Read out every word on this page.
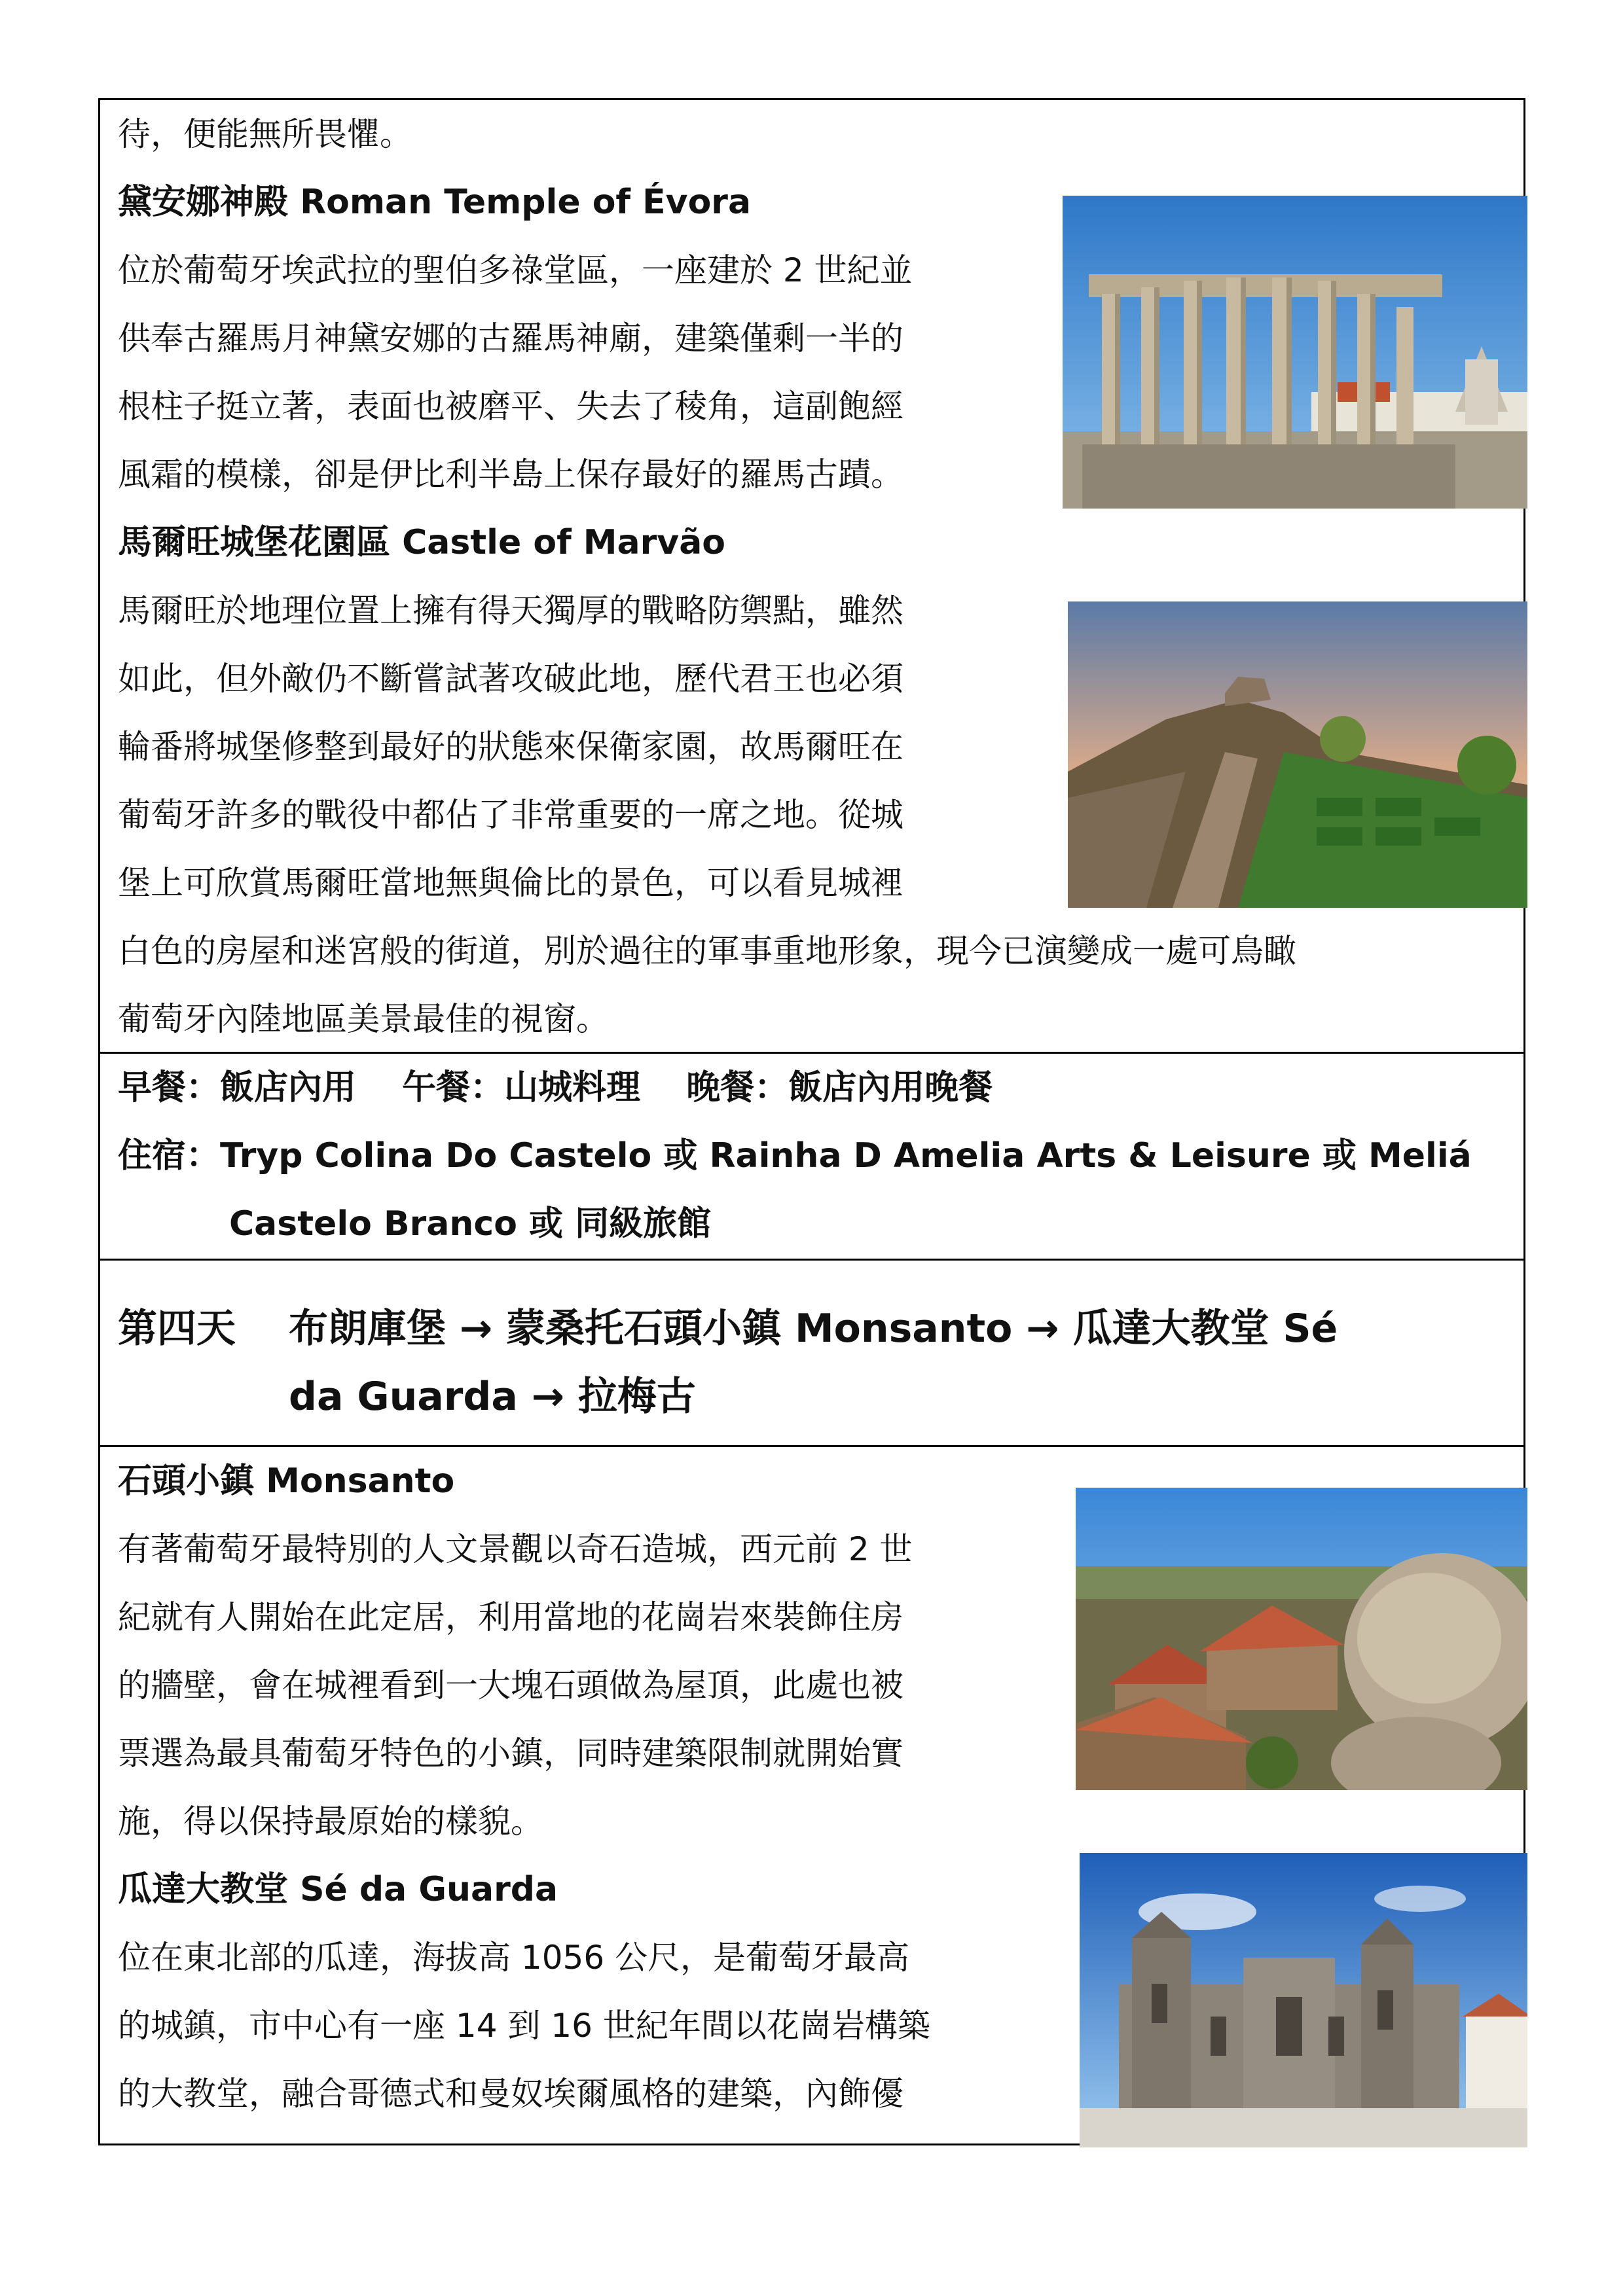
待，便能無所畏懼。
黛安娜神殿 Roman Temple of Évora
位於葡萄牙埃武拉的聖伯多祿堂區，一座建於 2 世紀並
供奉古羅馬月神黛安娜的古羅馬神廟，建築僅剩一半的
根柱子挺立著，表面也被磨平、失去了稜角，這副飽經
風霜的模樣，卻是伊比利半島上保存最好的羅馬古蹟。
馬爾旺城堡花園區 Castle of Marvão
馬爾旺於地理位置上擁有得天獨厚的戰略防禦點，雖然
如此，但外敵仍不斷嘗試著攻破此地，歷代君王也必須
輪番將城堡修整到最好的狀態來保衛家園，故馬爾旺在
葡萄牙許多的戰役中都佔了非常重要的一席之地。從城
堡上可欣賞馬爾旺當地無與倫比的景色，可以看見城裡
白色的房屋和迷宮般的街道，別於過往的軍事重地形象，現今已演變成一處可鳥瞰
葡萄牙內陸地區美景最佳的視窗。
早餐：飯店內用　 午餐：山城料理　 晚餐：飯店內用晚餐
住宿：Tryp Colina Do Castelo 或 Rainha D Amelia Arts & Leisure 或 Meliá
Castelo Branco 或 同級旅館
第四天 布朗庫堡 → 蒙桑托石頭小鎮 Monsanto → 瓜達大教堂 Sé
da Guarda → 拉梅古
石頭小鎮 Monsanto
有著葡萄牙最特別的人文景觀以奇石造城，西元前 2 世
紀就有人開始在此定居，利用當地的花崗岩來裝飾住房
的牆壁，會在城裡看到一大塊石頭做為屋頂，此處也被
票選為最具葡萄牙特色的小鎮，同時建築限制就開始實
施，得以保持最原始的樣貌。
瓜達大教堂 Sé da Guarda
位在東北部的瓜達，海拔高 1056 公尺，是葡萄牙最高
的城鎮，市中心有一座 14 到 16 世紀年間以花崗岩構築
的大教堂，融合哥德式和曼奴埃爾風格的建築，內飾優
